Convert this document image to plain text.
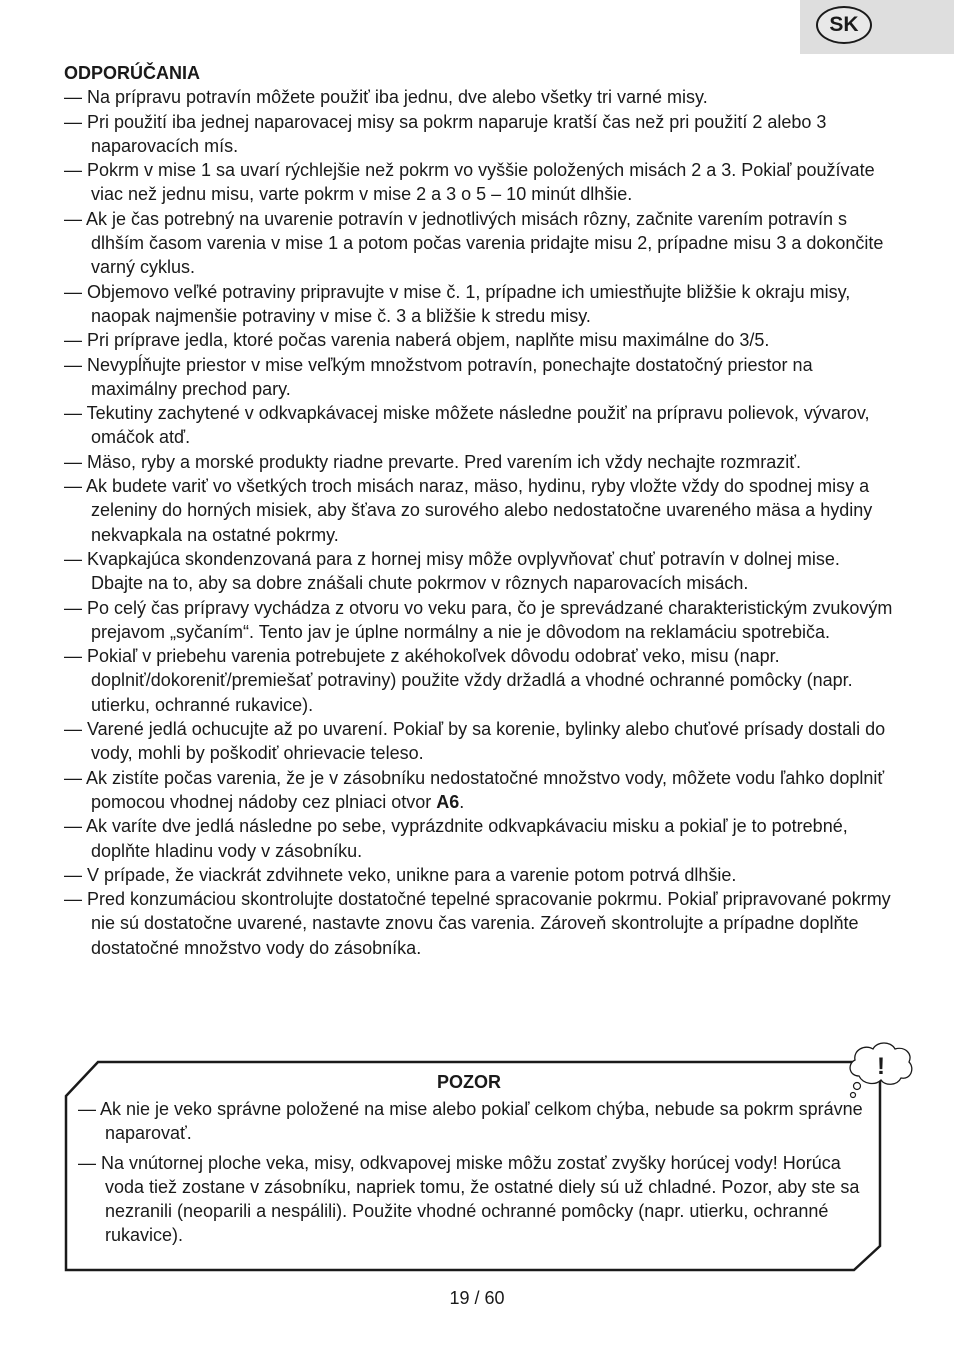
SK
ODPORÚČANIA
— Na prípravu potravín môžete použiť iba jednu, dve alebo všetky tri varné misy.
— Pri použití iba jednej naparovacej misy sa pokrm naparuje kratší čas než pri použití 2 alebo 3 naparovacích mís.
— Pokrm v mise 1 sa uvarí rýchlejšie než pokrm vo vyššie položených misách 2 a 3. Pokiaľ používate viac než jednu misu, varte pokrm v mise 2 a 3 o 5 – 10 minút dlhšie.
— Ak je čas potrebný na uvarenie potravín v jednotlivých misách rôzny, začnite varením potravín s dlhším časom varenia v mise 1 a potom počas varenia pridajte misu 2, prípadne misu 3 a dokončite varný cyklus.
— Objemovo veľké potraviny pripravujte v mise č. 1, prípadne ich umiestňujte bližšie k okraju misy, naopak najmenšie potraviny v mise č. 3 a bližšie k stredu misy.
— Pri príprave jedla, ktoré počas varenia naberá objem, naplňte misu maximálne do 3/5.
— Nevypĺňujte priestor v mise veľkým množstvom potravín, ponechajte dostatočný priestor na maximálny prechod pary.
— Tekutiny zachytené v odkvapkávacej miske môžete následne použiť na prípravu polievok, vývarov, omáčok atď.
— Mäso, ryby a morské produkty riadne prevarte. Pred varením ich vždy nechajte rozmraziť.
— Ak budete variť vo všetkých troch misách naraz, mäso, hydinu, ryby vložte vždy do spodnej misy a zeleniny do horných misiek, aby šťava zo surového alebo nedostatočne uvareného mäsa a hydiny nekvapkala na ostatné pokrmy.
— Kvapkajúca skondenzovaná para z hornej misy môže ovplyvňovať chuť potravín v dolnej mise. Dbajte na to, aby sa dobre znášali chute pokrmov v rôznych naparovacích misách.
— Po celý čas prípravy vychádza z otvoru vo veku para, čo je sprevádzané charakteristickým zvukovým prejavom „syčaním“. Tento jav je úplne normálny a nie je dôvodom na reklamáciu spotrebiča.
— Pokiaľ v priebehu varenia potrebujete z akéhokoľvek dôvodu odobrať veko, misu (napr. doplniť/dokoreniť/premiešať potraviny) použite vždy držadlá a vhodné ochranné pomôcky (napr. utierku, ochranné rukavice).
— Varené jedlá ochucujte až po uvarení. Pokiaľ by sa korenie, bylinky alebo chuťové prísady dostali do vody, mohli by poškodiť ohrievacie teleso.
— Ak zistíte počas varenia, že je v zásobníku nedostatočné množstvo vody, môžete vodu ľahko doplniť pomocou vhodnej nádoby cez plniaci otvor A6.
— Ak varíte dve jedlá následne po sebe, vyprázdnite odkvapkávaciu misku a pokiaľ je to potrebné, doplňte hladinu vody v zásobníku.
— V prípade, že viackrát zdvihnete veko, unikne para a varenie potom potrvá dlhšie.
— Pred konzumáciou skontrolujte dostatočné tepelné spracovanie pokrmu. Pokiaľ pripravované pokrmy nie sú dostatočne uvarené, nastavte znovu čas varenia. Zároveň skontrolujte a prípadne doplňte dostatočné množstvo vody do zásobníka.
POZOR
— Ak nie je veko správne položené na mise alebo pokiaľ celkom chýba, nebude sa pokrm správne naparovať.
— Na vnútornej ploche veka, misy, odkvapovej miske môžu zostať zvyšky horúcej vody! Horúca voda tiež zostane v zásobníku, napriek tomu, že ostatné diely sú už chladné. Pozor, aby ste sa nezranili (neoparili a nespálili). Použite vhodné ochranné pomôcky (napr. utierku, ochranné rukavice).
!
19 / 60
